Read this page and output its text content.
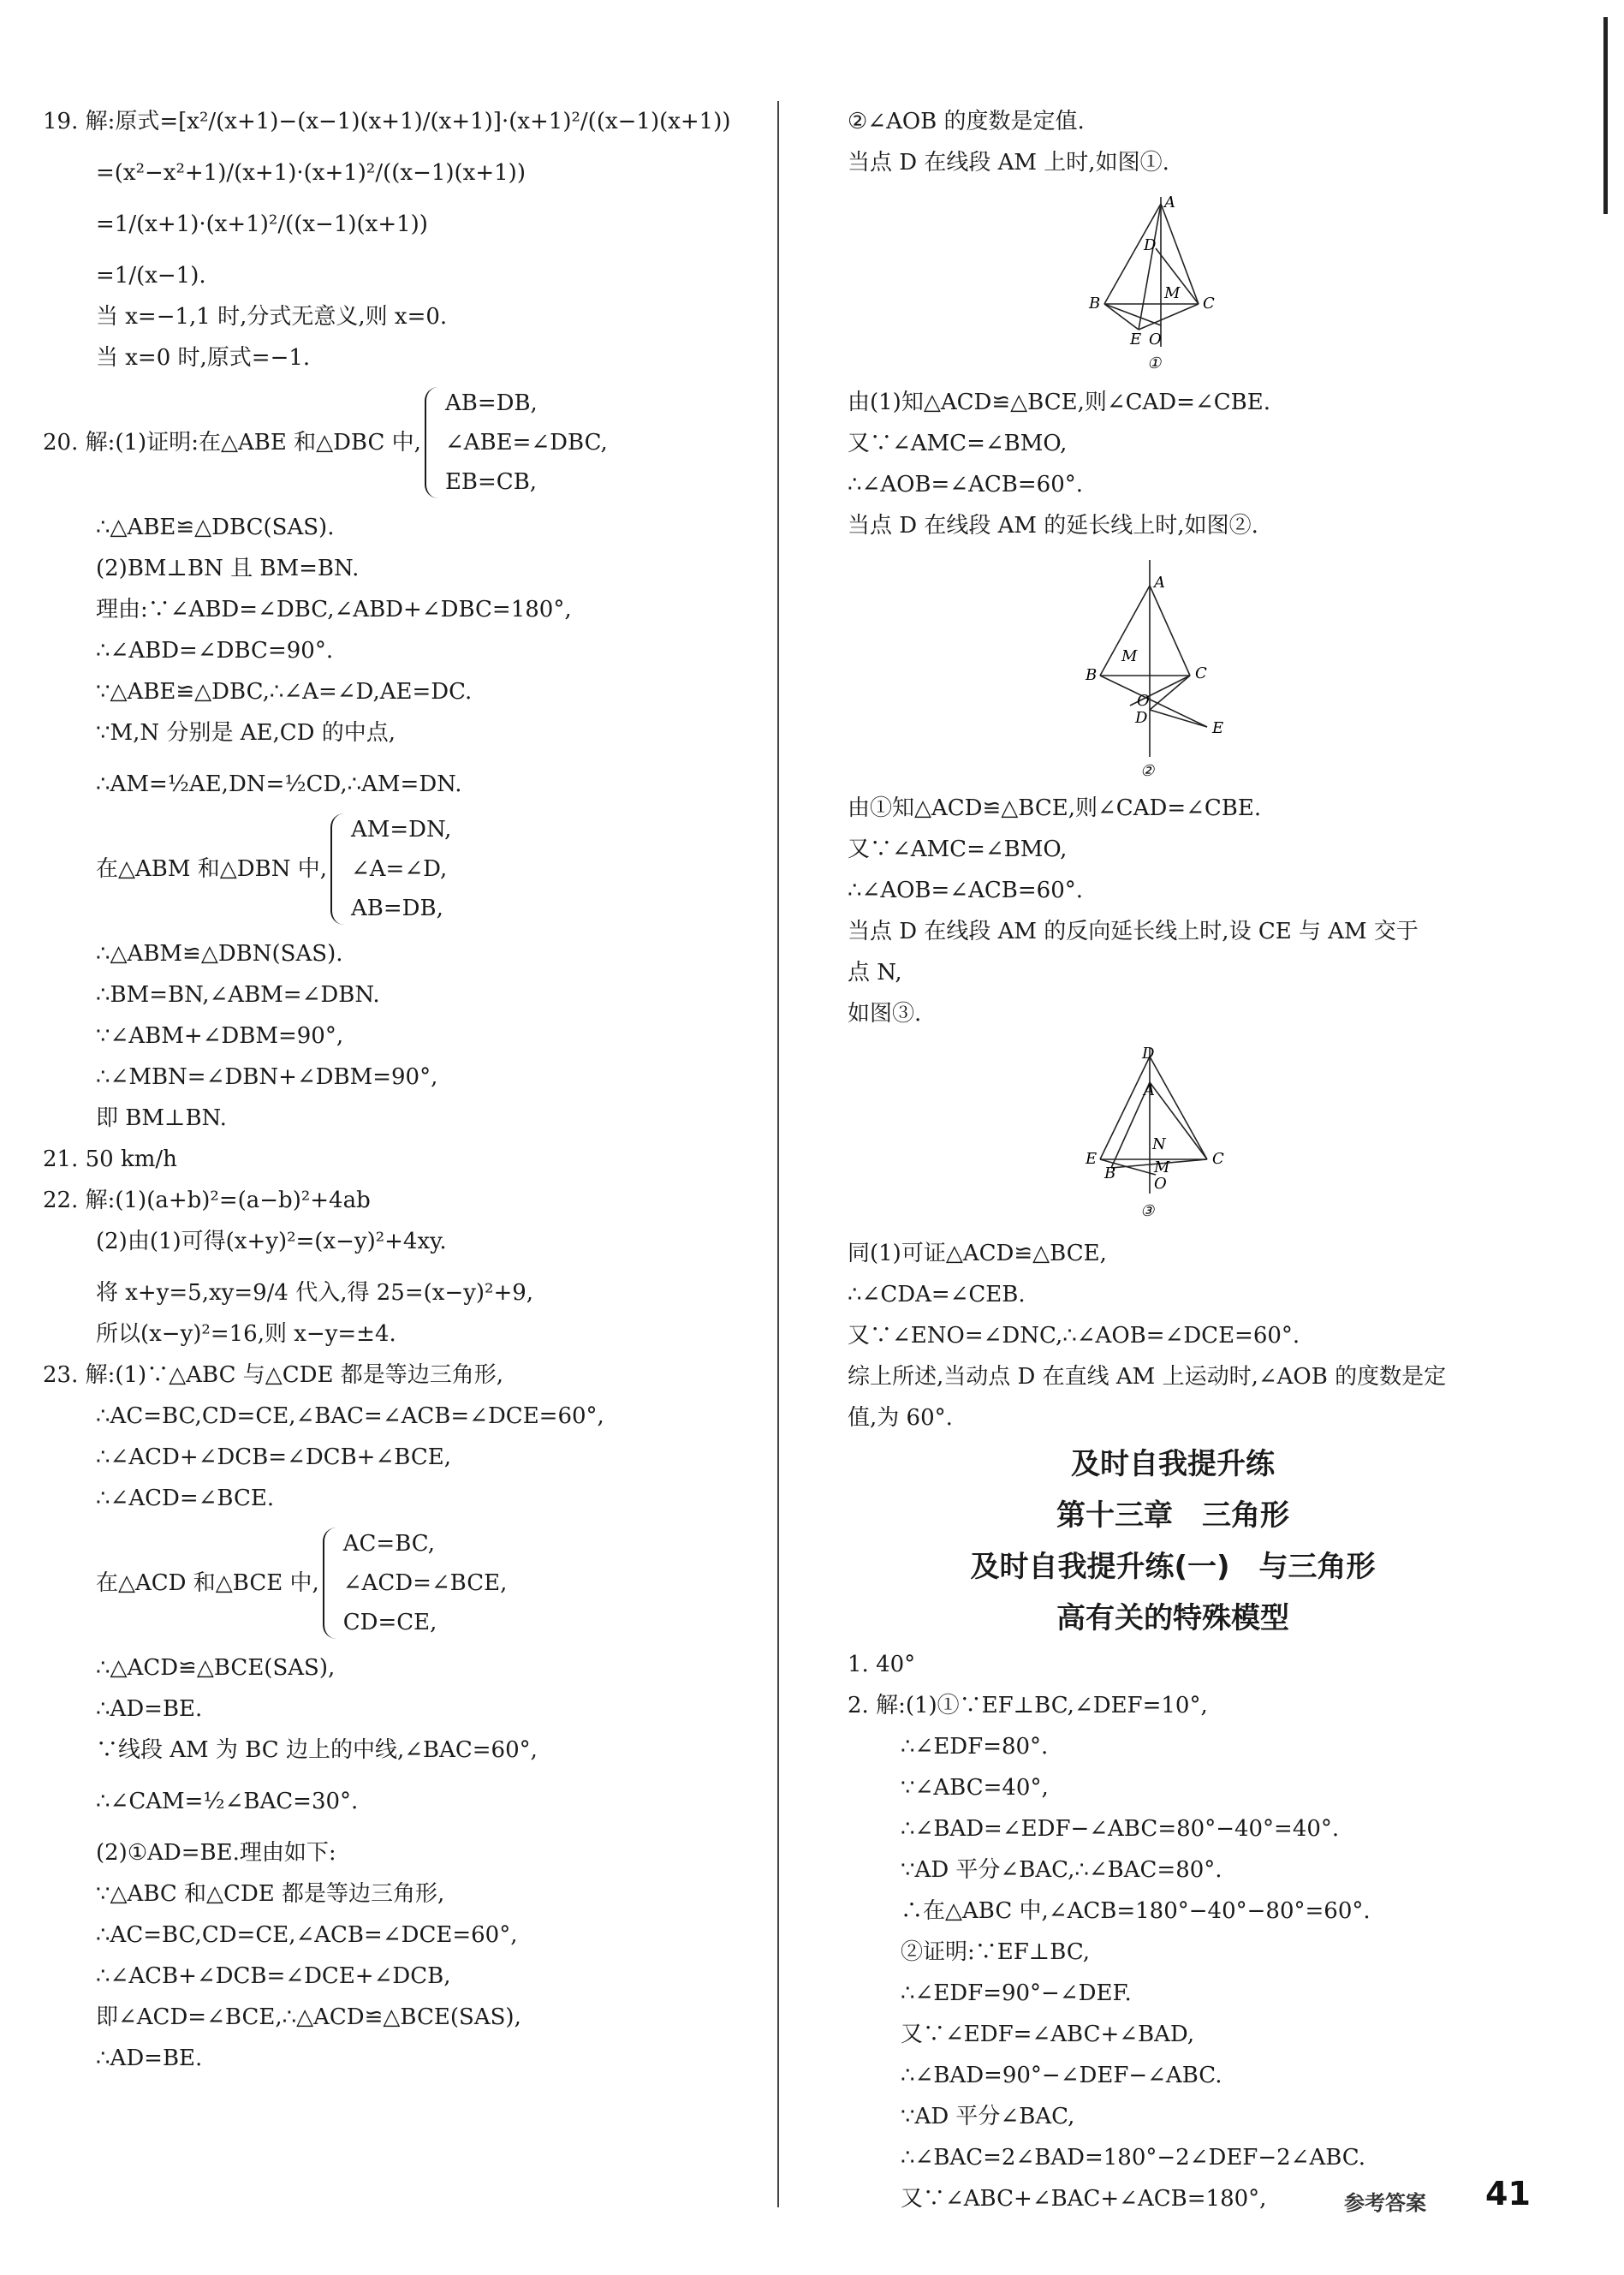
19. 解:原式=[x²/(x+1)−(x−1)(x+1)/(x+1)]·(x+1)²/((x−1)(x+1))
=(x²−x²+1)/(x+1)·(x+1)²/((x−1)(x+1))
=1/(x+1)·(x+1)²/((x−1)(x+1))
=1/(x−1).
当 x=−1,1 时,分式无意义,则 x=0.
当 x=0 时,原式=−1.
20. 解:(1)证明:在△ABE 和△DBC 中,
AB=DB,
∠ABE=∠DBC,
EB=CB,
∴△ABE≌△DBC(SAS).
(2)BM⊥BN 且 BM=BN.
理由:∵∠ABD=∠DBC,∠ABD+∠DBC=180°,
∴∠ABD=∠DBC=90°.
∵△ABE≌△DBC,∴∠A=∠D,AE=DC.
∵M,N 分别是 AE,CD 的中点,
∴AM=½AE,DN=½CD,∴AM=DN.
在△ABM 和△DBN 中,
AM=DN,
∠A=∠D,
AB=DB,
∴△ABM≌△DBN(SAS).
∴BM=BN,∠ABM=∠DBN.
∵∠ABM+∠DBM=90°,
∴∠MBN=∠DBN+∠DBM=90°,
即 BM⊥BN.
21. 50 km/h
22. 解:(1)(a+b)²=(a−b)²+4ab
(2)由(1)可得(x+y)²=(x−y)²+4xy.
将 x+y=5,xy=9/4 代入,得 25=(x−y)²+9,
所以(x−y)²=16,则 x−y=±4.
23. 解:(1)∵△ABC 与△CDE 都是等边三角形,
∴AC=BC,CD=CE,∠BAC=∠ACB=∠DCE=60°,
∴∠ACD+∠DCB=∠DCB+∠BCE,
∴∠ACD=∠BCE.
在△ACD 和△BCE 中,
AC=BC,
∠ACD=∠BCE,
CD=CE,
∴△ACD≌△BCE(SAS),
∴AD=BE.
∵线段 AM 为 BC 边上的中线,∠BAC=60°,
∴∠CAM=½∠BAC=30°.
(2)①AD=BE.理由如下:
∵△ABC 和△CDE 都是等边三角形,
∴AC=BC,CD=CE,∠ACB=∠DCE=60°,
∴∠ACB+∠DCB=∠DCE+∠DCB,
即∠ACD=∠BCE,∴△ACD≌△BCE(SAS),
∴AD=BE.
②∠AOB 的度数是定值.
当点 D 在线段 AM 上时,如图①.
A
D
M
B	C
E O
①
由(1)知△ACD≌△BCE,则∠CAD=∠CBE.
又∵∠AMC=∠BMO,
∴∠AOB=∠ACB=60°.
当点 D 在线段 AM 的延长线上时,如图②.
A
M
C
B
O
D
E
②
由①知△ACD≌△BCE,则∠CAD=∠CBE.
又∵∠AMC=∠BMO,
∴∠AOB=∠ACB=60°.
当点 D 在线段 AM 的反向延长线上时,设 CE 与 AM 交于
点 N,
如图③.
D
A
N
E
B M	C
O
③
同(1)可证△ACD≌△BCE,
∴∠CDA=∠CEB.
又∵∠ENO=∠DNC,∴∠AOB=∠DCE=60°.
综上所述,当动点 D 在直线 AM 上运动时,∠AOB 的度数是定
值,为 60°.
及时自我提升练
第十三章　三角形
及时自我提升练(一)　与三角形
高有关的特殊模型
1. 40°
2. 解:(1)①∵EF⊥BC,∠DEF=10°,
∴∠EDF=80°.
∵∠ABC=40°,
∴∠BAD=∠EDF−∠ABC=80°−40°=40°.
∵AD 平分∠BAC,∴∠BAC=80°.
∴在△ABC 中,∠ACB=180°−40°−80°=60°.
②证明:∵EF⊥BC,
∴∠EDF=90°−∠DEF.
又∵∠EDF=∠ABC+∠BAD,
∴∠BAD=90°−∠DEF−∠ABC.
∵AD 平分∠BAC,
∴∠BAC=2∠BAD=180°−2∠DEF−2∠ABC.
又∵∠ABC+∠BAC+∠ACB=180°,	参考答案 41
